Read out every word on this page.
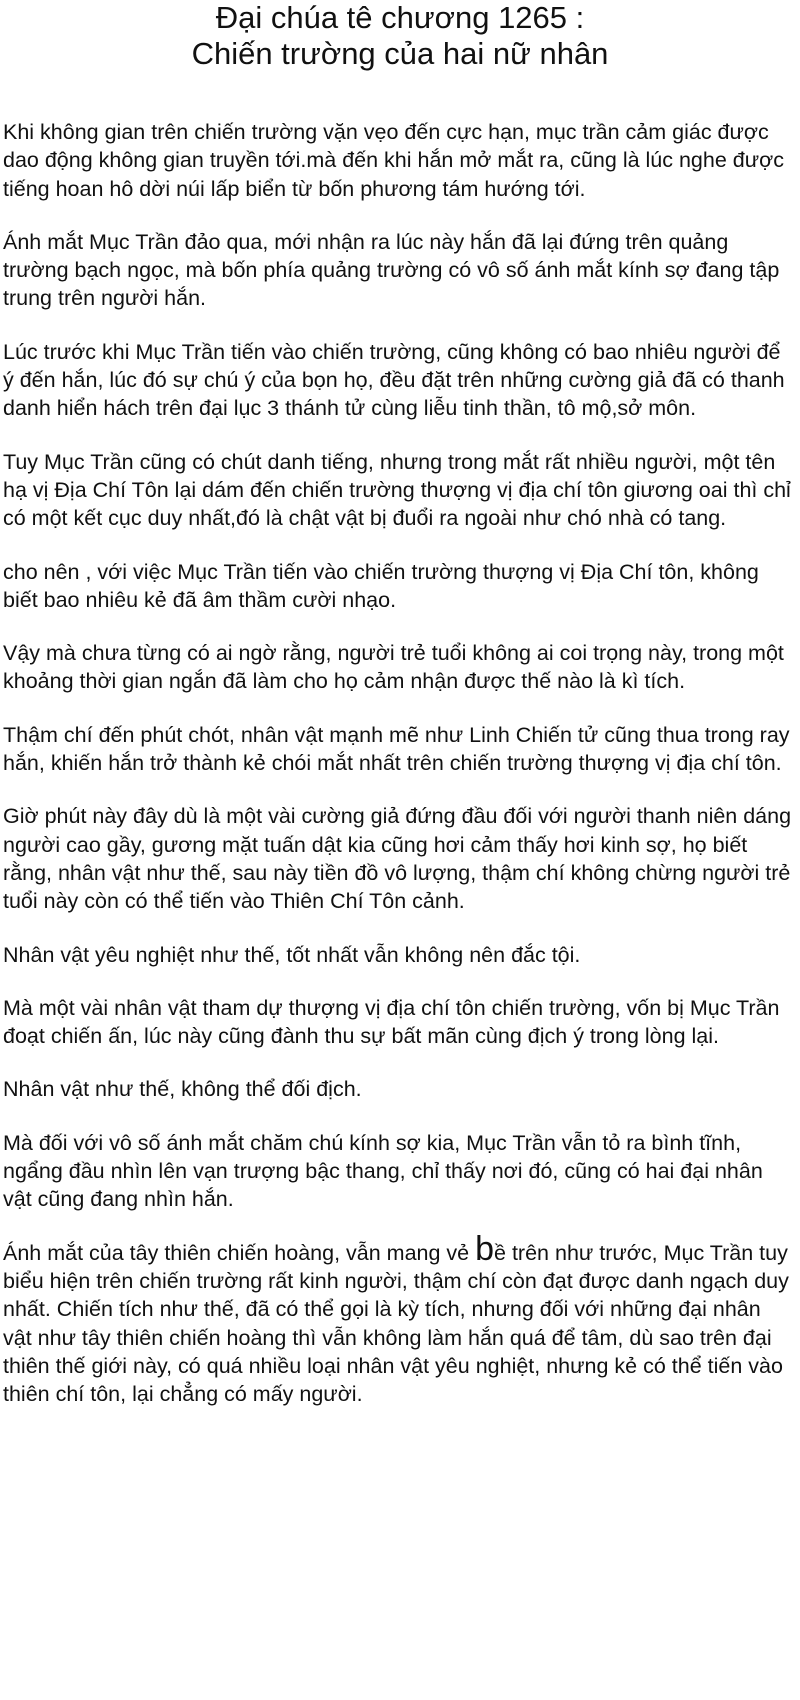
Đại chúa tê chương 1265 :
Chiến trường của hai nữ nhân

Khi không gian trên chiến trường vặn vẹo đến cực hạn, mục trần cảm giác được dao động không gian truyền tới.mà đến khi hắn mở mắt ra, cũng là lúc nghe được tiếng hoan hô dời núi lấp biển từ bốn phương tám hướng tới.

Ánh mắt Mục Trần đảo qua, mới nhận ra lúc này hắn đã lại đứng trên quảng trường bạch ngọc, mà bốn phía quảng trường có vô số ánh mắt kính sợ đang tập trung trên người hắn.

Lúc trước khi Mục Trần tiến vào chiến trường, cũng không có bao nhiêu người để ý đến hắn, lúc đó sự chú ý của bọn họ, đều đặt trên những cường giả đã có thanh danh hiển hách trên đại lục 3 thánh tử cùng liễu tinh thần, tô mộ,sở môn.

Tuy Mục Trần cũng có chút danh tiếng, nhưng trong mắt rất nhiều người, một tên hạ vị Địa Chí Tôn lại dám đến chiến trường thượng vị địa chí tôn giương oai thì chỉ có một kết cục duy nhất,đó là chật vật bị đuổi ra ngoài như chó nhà có tang.

cho nên , với việc Mục Trần tiến vào chiến trường thượng vị Địa Chí tôn, không biết bao nhiêu kẻ đã âm thầm cười nhạo.

Vậy mà chưa từng có ai ngờ rằng, người trẻ tuổi không ai coi trọng này, trong một khoảng thời gian ngắn đã làm cho họ cảm nhận được thế nào là kì tích.

Thậm chí đến phút chót, nhân vật mạnh mẽ như Linh Chiến tử cũng thua trong ray hắn, khiến hắn trở thành kẻ chói mắt nhất trên chiến trường thượng vị địa chí tôn.

Giờ phút này đây dù là một vài cường giả đứng đầu đối với người thanh niên dáng người cao gầy, gương mặt tuấn dật kia cũng hơi cảm thấy hơi kinh sợ, họ biết rằng, nhân vật như thế, sau này tiền đồ vô lượng, thậm chí không chừng người trẻ tuổi này còn có thể tiến vào Thiên Chí Tôn cảnh.

Nhân vật yêu nghiệt như thế, tốt nhất vẫn không nên đắc tội.

Mà một vài nhân vật tham dự thượng vị địa chí tôn chiến trường, vốn bị Mục Trần đoạt chiến ấn, lúc này cũng đành thu sự bất mãn cùng địch ý trong lòng lại.

Nhân vật như thế, không thể đối địch.

Mà đối với vô số ánh mắt chăm chú kính sợ kia, Mục Trần vẫn tỏ ra bình tĩnh, ngẩng đầu nhìn lên vạn trượng bậc thang, chỉ thấy nơi đó, cũng có hai đại nhân vật cũng đang nhìn hắn.

Ánh mắt của tây thiên chiến hoàng, vẫn mang vẻ bề trên như trước, Mục Trần tuy biểu hiện trên chiến trường rất kinh người, thậm chí còn đạt được danh ngạch duy nhất. Chiến tích như thế, đã có thể gọi là kỳ tích, nhưng đối với những đại nhân vật như tây thiên chiến hoàng thì vẫn không làm hắn quá để tâm, dù sao trên đại thiên thế giới này, có quá nhiều loại nhân vật yêu nghiệt, nhưng kẻ có thể tiến vào thiên chí tôn, lại chẳng có mấy người.
